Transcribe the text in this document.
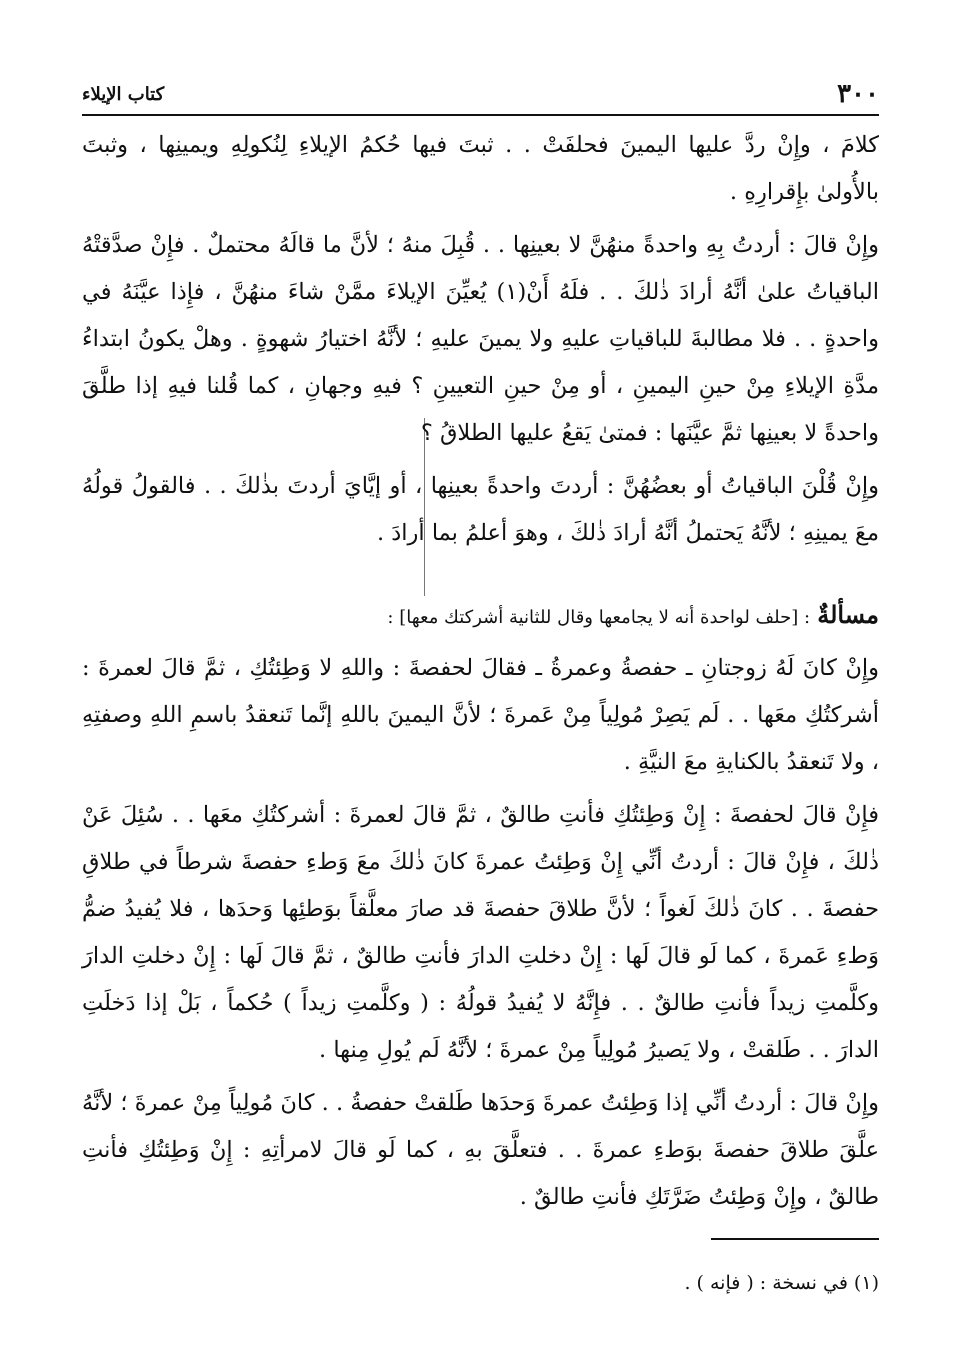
٣٠٠
كتاب الإيلاء

كلامَ ، وإِنْ ردَّ عليها اليمينَ فحلفَتْ . . ثبتَ فيها حُكمُ الإيلاءِ لِنُكولِهِ ويمينِها ، وثبتَ بالأُولىٰ بإِقرارِهِ .

وإِنْ قالَ : أردتُ بِهِ واحدةً منهُنَّ لا بعينِها . . قُبِلَ منهُ ؛ لأنَّ ما قالَهُ محتملٌ . فإِنْ صدَّقتْهُ الباقياتُ علىٰ أنَّهُ أرادَ ذٰلكَ . . فلَهُ أَنْ(١) يُعيِّنَ الإيلاءَ ممَّنْ شاءَ منهُنَّ ، فإِذا عيَّنَهُ في واحدةٍ . . فلا مطالبةَ للباقياتِ عليهِ ولا يمينَ عليهِ ؛ لأنَّهُ اختيارُ شهوةٍ . وهلْ يكونُ ابتداءُ مدَّةِ الإيلاءِ مِنْ حينِ اليمينِ ، أو مِنْ حينِ التعيينِ ؟ فيهِ وجهانِ ، كما قُلنا فيهِ إذا طلَّقَ واحدةً لا بعينِها ثمَّ عيَّنَها : فمتىٰ يَقعُ عليها الطلاقُ ؟

وإِنْ قُلْنَ الباقياتُ أو بعضُهُنَّ : أردتَ واحدةً بعينِها ، أو إيَّايَ أردتَ بذٰلكَ . . فالقولُ قولُهُ معَ يمينِهِ ؛ لأنَّهُ يَحتملُ أنَّهُ أرادَ ذٰلكَ ، وهوَ أعلمُ بما أرادَ .

مسألةٌ : [حلف لواحدة أنه لا يجامعها وقال للثانية أشركتك معها] :

وإِنْ كانَ لَهُ زوجتانِ ـ حفصةُ وعمرةُ ـ فقالَ لحفصةَ : واللهِ لا وَطِئتُكِ ، ثمَّ قالَ لعمرةَ : أشركتُكِ معَها . . لَم يَصِرْ مُولِياً مِنْ عَمرةَ ؛ لأنَّ اليمينَ باللهِ إنَّما تَنعقدُ باسمِ اللهِ وصفتِهِ ، ولا تَنعقدُ بالكنايةِ معَ النيَّةِ .

فإِنْ قالَ لحفصةَ : إِنْ وَطِئتُكِ فأنتِ طالقٌ ، ثمَّ قالَ لعمرةَ : أشركتُكِ معَها . . سُئِلَ عَنْ ذٰلكَ ، فإِنْ قالَ : أردتُ أنِّي إِنْ وَطِئتُ عمرةَ كانَ ذٰلكَ معَ وَطءِ حفصةَ شرطاً في طلاقِ حفصةَ . . كانَ ذٰلكَ لَغواً ؛ لأنَّ طلاقَ حفصةَ قد صارَ معلَّقاً بوَطئِها وَحدَها ، فلا يُفيدُ ضمُّ وَطءِ عَمرةَ ، كما لَو قالَ لَها : إِنْ دخلتِ الدارَ فأنتِ طالقٌ ، ثمَّ قالَ لَها : إِنْ دخلتِ الدارَ وكلَّمتِ زيداً فأنتِ طالقٌ . . فإِنَّهُ لا يُفيدُ قولُهُ : ( وكلَّمتِ زيداً ) حُكماً ، بَلْ إذا دَخلَتِ الدارَ . . طَلقتْ ، ولا يَصيرُ مُولِياً مِنْ عمرةَ ؛ لأنَّهُ لَم يُولِ مِنها .

وإِنْ قالَ : أردتُ أنِّي إذا وَطِئتُ عمرةَ وَحدَها طَلقتْ حفصةُ . . كانَ مُولِياً مِنْ عمرةَ ؛ لأنَّهُ علَّقَ طلاقَ حفصةَ بوَطءِ عمرةَ . . فتعلَّقَ بهِ ، كما لَو قالَ لامرأتِهِ : إِنْ وَطِئتُكِ فأنتِ طالقٌ ، وإِنْ وَطِئتُ ضَرَّتَكِ فأنتِ طالقٌ .

(١) في نسخة : ( فإنه ) .
